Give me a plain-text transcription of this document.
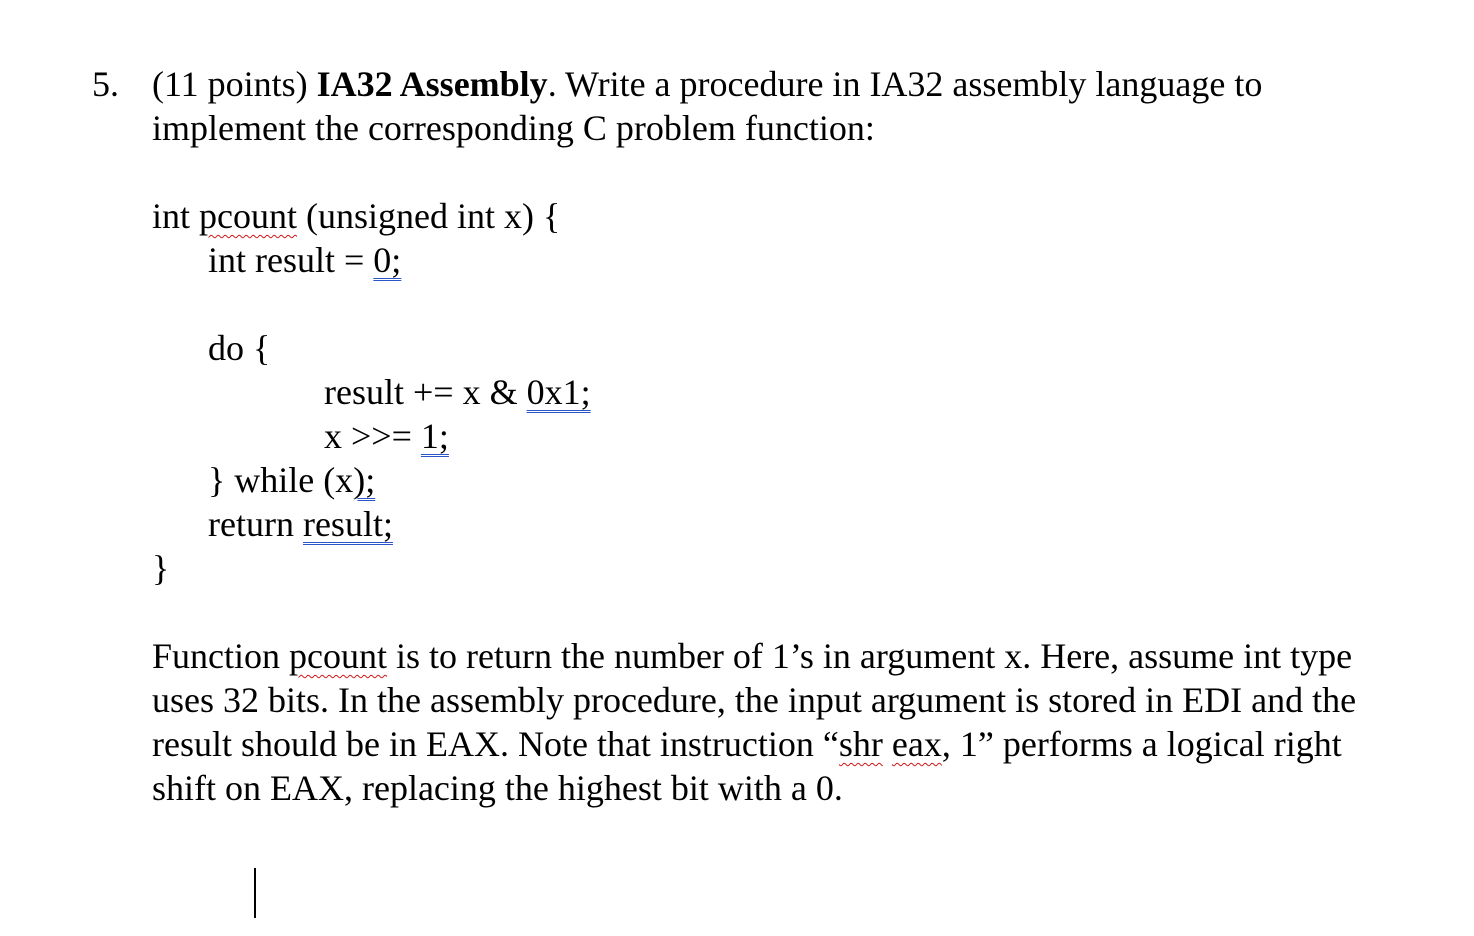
5.
(11 points) IA32 Assembly. Write a procedure in IA32 assembly language to

implement the corresponding C problem function:

int pcount (unsigned int x) {

int result = 0;

do {

result += x & 0x1;

x >>= 1;

} while (x);

return result;

}

Function pcount is to return the number of 1’s in argument x. Here, assume int type

uses 32 bits. In the assembly procedure, the input argument is stored in EDI and the

result should be in EAX. Note that instruction “shr eax, 1” performs a logical right

shift on EAX, replacing the highest bit with a 0.
